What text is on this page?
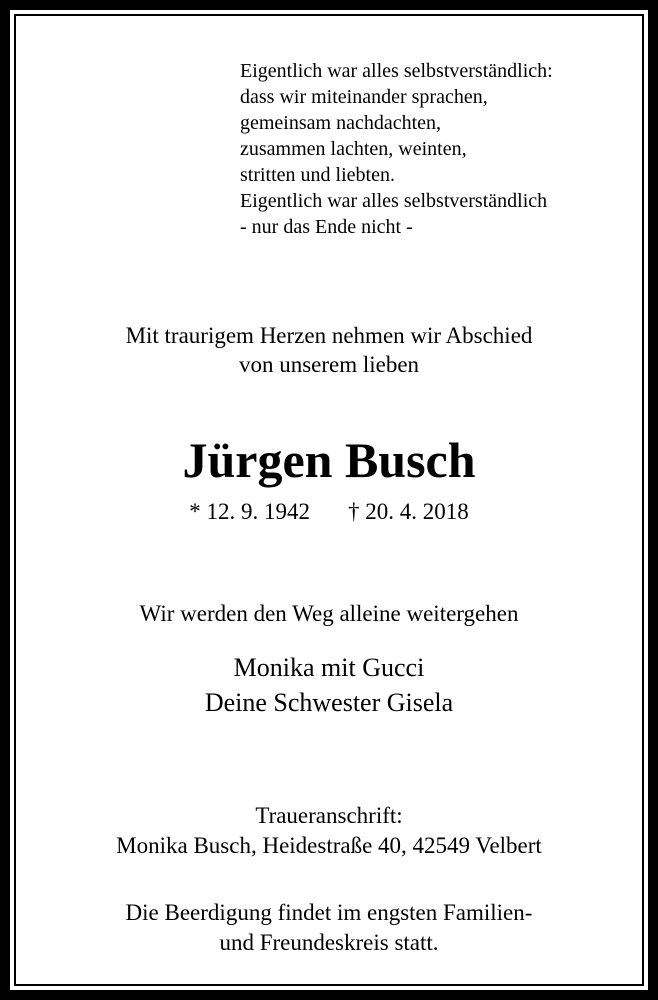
Eigentlich war alles selbstverständlich:
dass wir miteinander sprachen,
gemeinsam nachdachten,
zusammen lachten, weinten,
stritten und liebten.
Eigentlich war alles selbstverständlich
- nur das Ende nicht -
Mit traurigem Herzen nehmen wir Abschied
von unserem lieben
Jürgen Busch
* 12. 9. 1942 † 20. 4. 2018
Wir werden den Weg alleine weitergehen
Monika mit Gucci
Deine Schwester Gisela
Traueranschrift:
Monika Busch, Heidestraße 40, 42549 Velbert
Die Beerdigung findet im engsten Familien-
und Freundeskreis statt.
